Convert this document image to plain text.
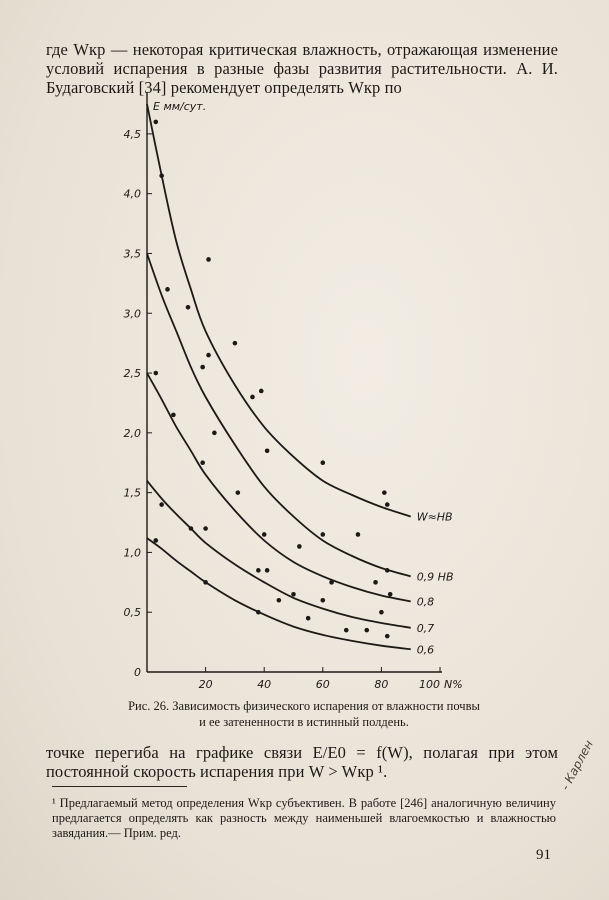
где Wкр — некоторая критическая влажность, отражающая изменение условий испарения в разные фазы развития растительности. А. И. Будаговский [34] рекомендует определять Wкр по
0
0,5
1,0
1,5
2,0
2,5
3,0
3,5
4,0
4,5
20	40	60	80	100
E мм/сут.
N%
W≈НВ
0,9 НВ
0,8
0,7
0,6
Рис. 26. Зависимость физического испарения от влажности почвы и ее затененности в истинный полдень.
точке перегиба на графике связи E/E0 = f(W), полагая при этом постоянной скорость испарения при W > Wкр ¹.
¹ Предлагаемый метод определения Wкр субъективен. В работе [246] аналогичную величину предлагается определять как разность между наименьшей влагоемкостью и влажностью завядания.— Прим. ред.
91
- Карлен
